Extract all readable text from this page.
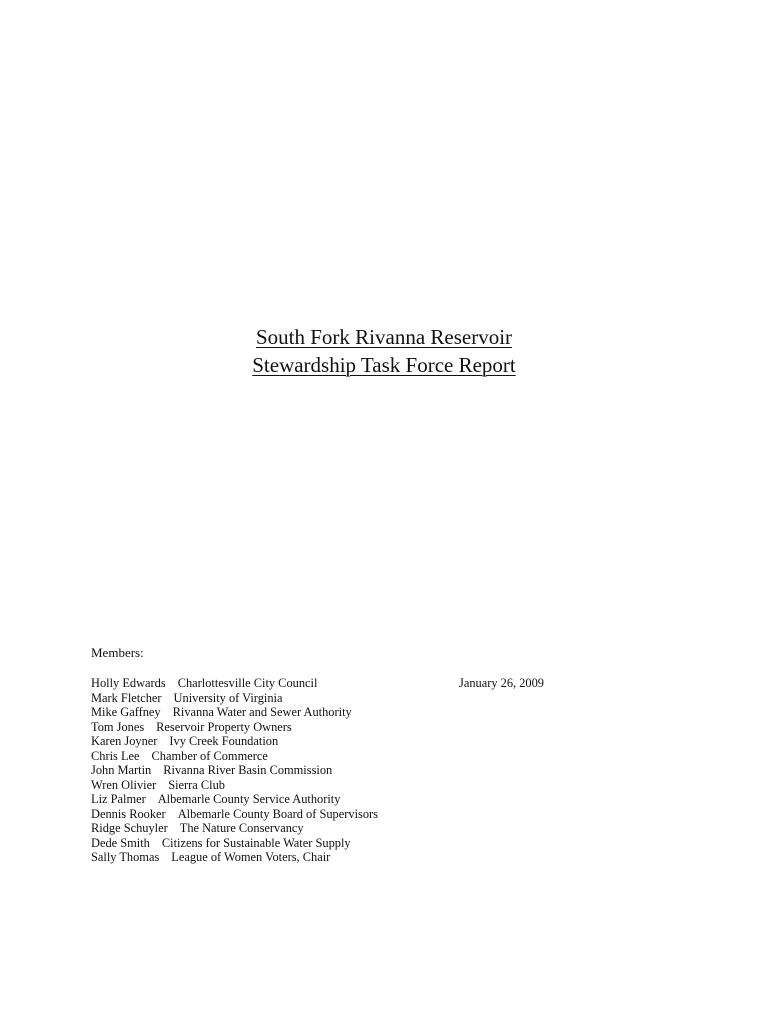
South Fork Rivanna Reservoir
Stewardship Task Force Report
Members:
January 26, 2009
Holly Edwards Charlottesville City Council
Mark Fletcher University of Virginia
Mike Gaffney Rivanna Water and Sewer Authority
Tom Jones Reservoir Property Owners
Karen Joyner Ivy Creek Foundation
Chris Lee Chamber of Commerce
John Martin Rivanna River Basin Commission
Wren Olivier Sierra Club
Liz Palmer Albemarle County Service Authority
Dennis Rooker Albemarle County Board of Supervisors
Ridge Schuyler The Nature Conservancy
Dede Smith Citizens for Sustainable Water Supply
Sally Thomas League of Women Voters, Chair
